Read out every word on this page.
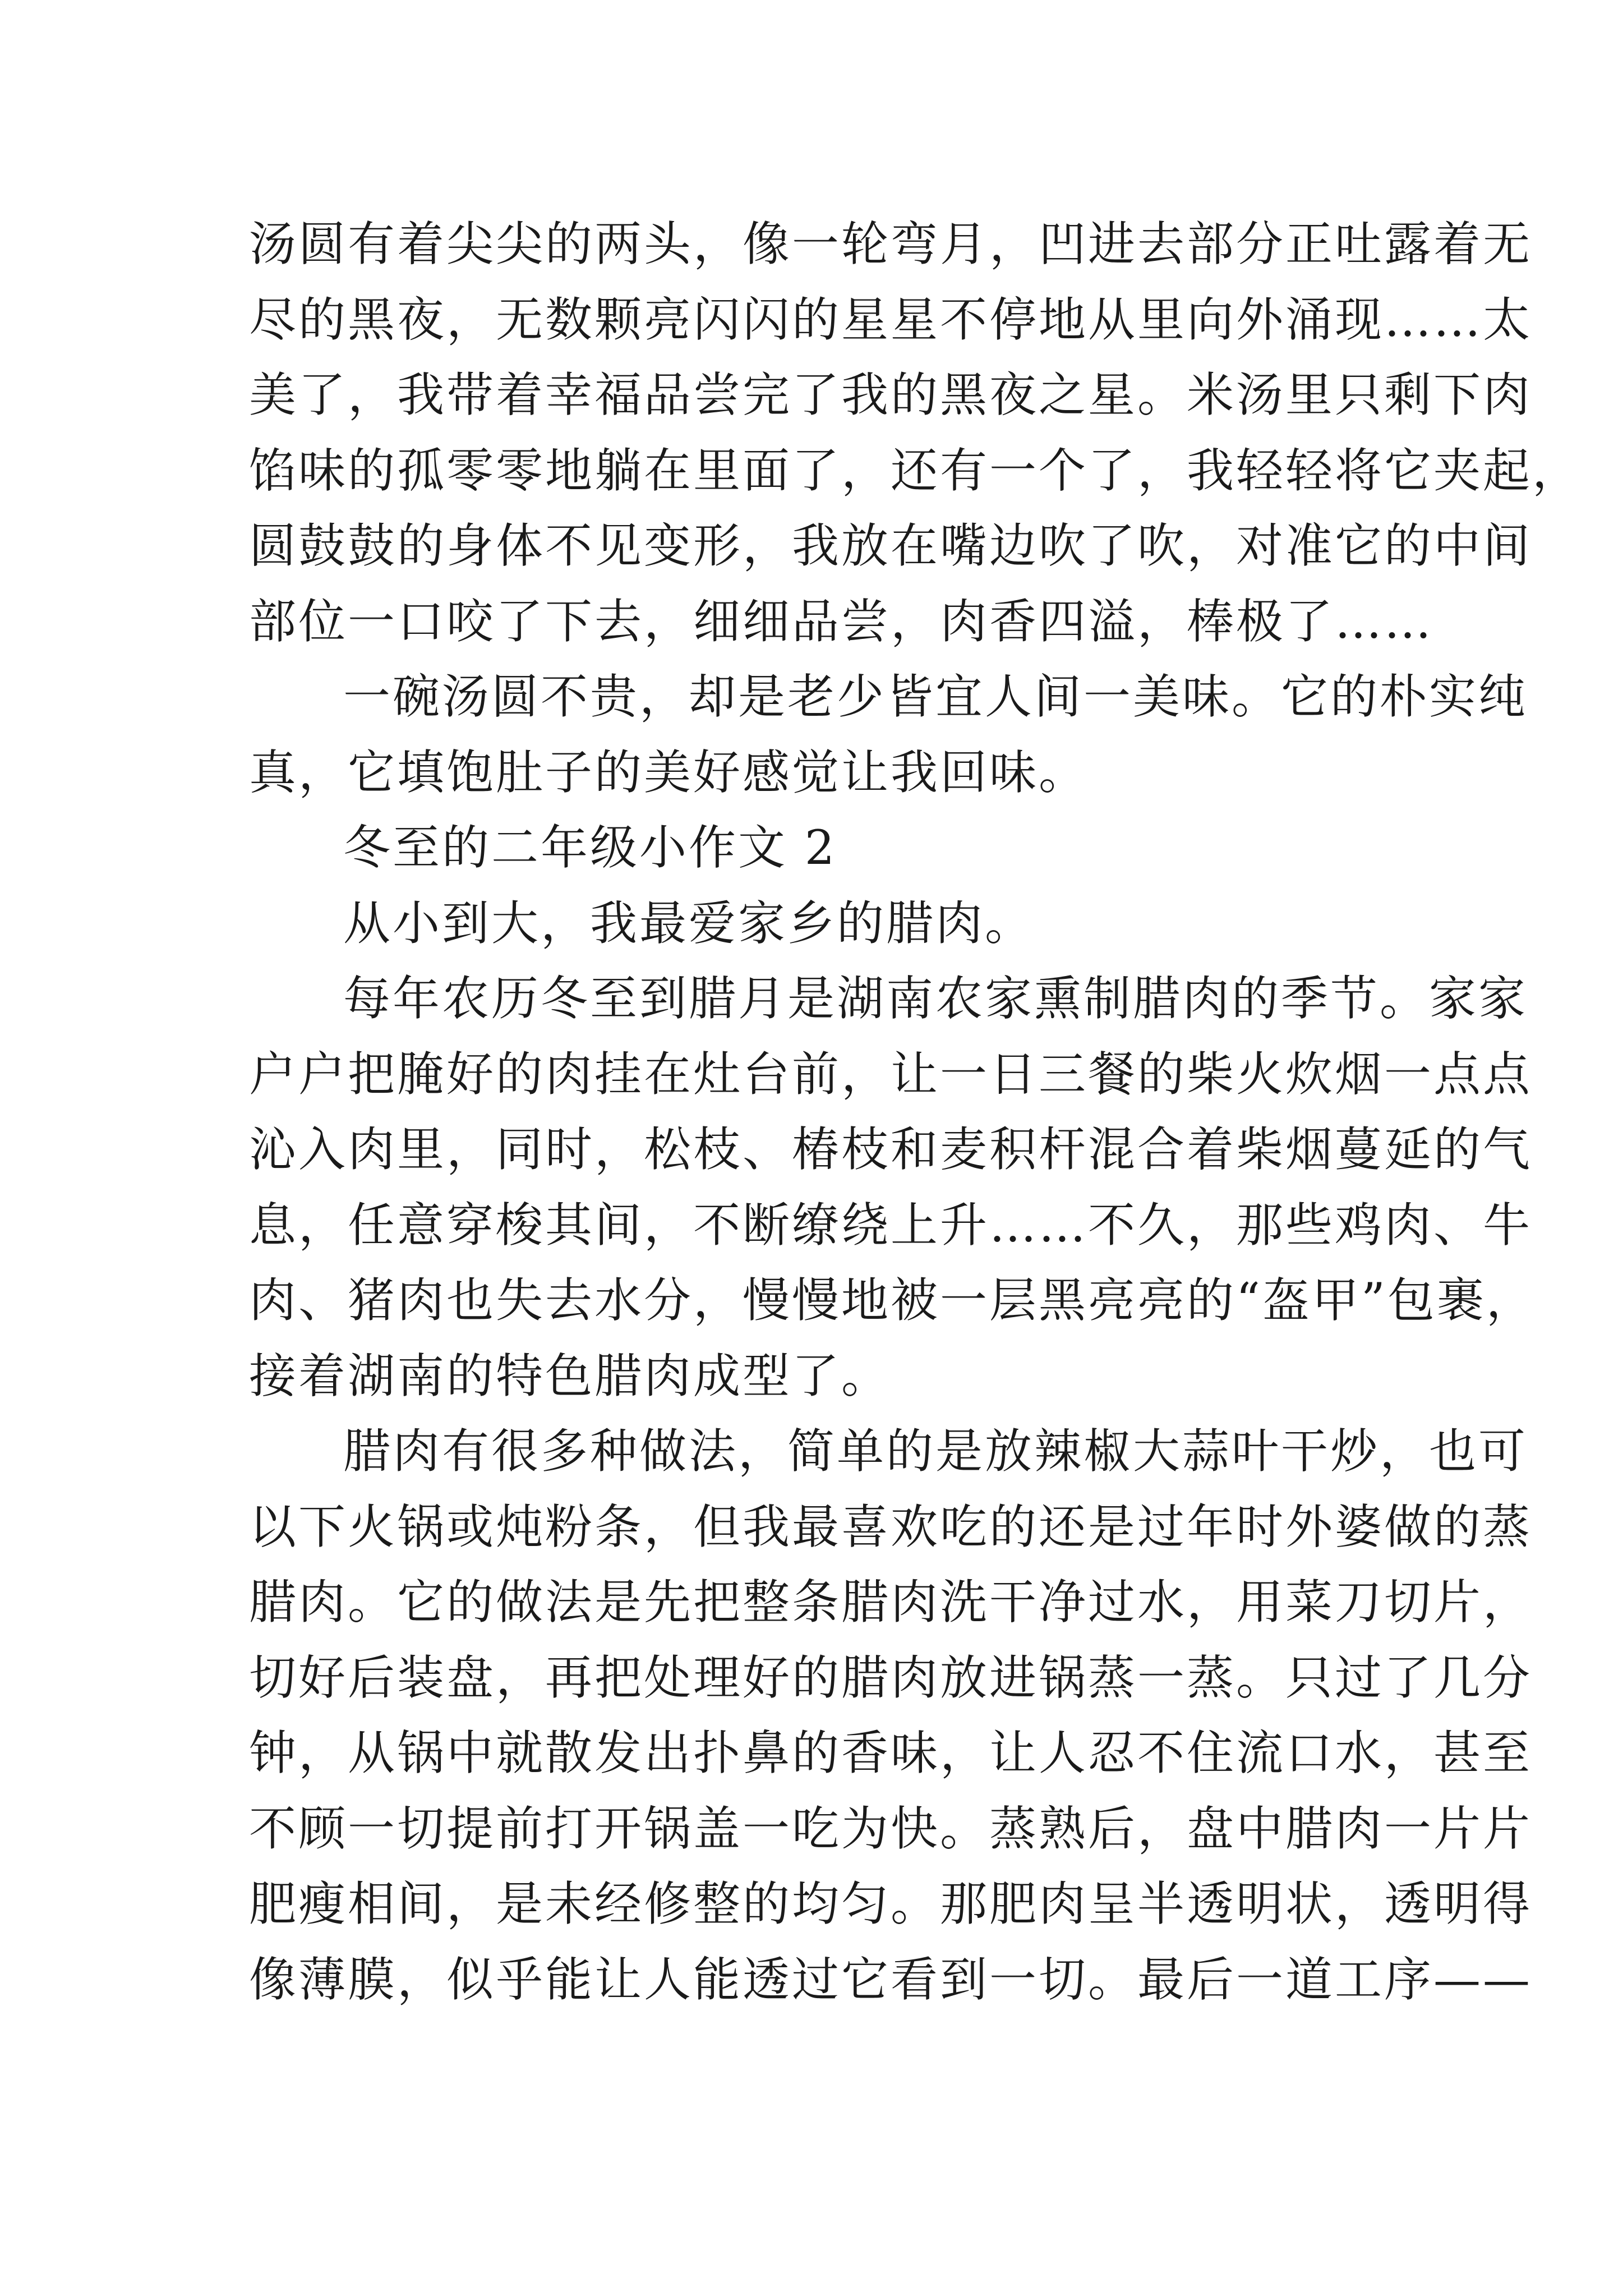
汤圆有着尖尖的两头，像一轮弯月，凹进去部分正吐露着无
尽的黑夜，无数颗亮闪闪的星星不停地从里向外涌现……太
美了，我带着幸福品尝完了我的黑夜之星。米汤里只剩下肉
馅味的孤零零地躺在里面了，还有一个了，我轻轻将它夹起，
圆鼓鼓的身体不见变形，我放在嘴边吹了吹，对准它的中间
部位一口咬了下去，细细品尝，肉香四溢，棒极了……
一碗汤圆不贵，却是老少皆宜人间一美味。它的朴实纯
真，它填饱肚子的美好感觉让我回味。
冬至的二年级小作文 2
从小到大，我最爱家乡的腊肉。
每年农历冬至到腊月是湖南农家熏制腊肉的季节。家家
户户把腌好的肉挂在灶台前，让一日三餐的柴火炊烟一点点
沁入肉里，同时，松枝、椿枝和麦积杆混合着柴烟蔓延的气
息，任意穿梭其间，不断缭绕上升……不久，那些鸡肉、牛
肉、猪肉也失去水分，慢慢地被一层黑亮亮的“盔甲”包裹，
接着湖南的特色腊肉成型了。
腊肉有很多种做法，简单的是放辣椒大蒜叶干炒，也可
以下火锅或炖粉条，但我最喜欢吃的还是过年时外婆做的蒸
腊肉。它的做法是先把整条腊肉洗干净过水，用菜刀切片，
切好后装盘，再把处理好的腊肉放进锅蒸一蒸。只过了几分
钟，从锅中就散发出扑鼻的香味，让人忍不住流口水，甚至
不顾一切提前打开锅盖一吃为快。蒸熟后，盘中腊肉一片片
肥瘦相间，是未经修整的均匀。那肥肉呈半透明状，透明得
像薄膜，似乎能让人能透过它看到一切。最后一道工序——
